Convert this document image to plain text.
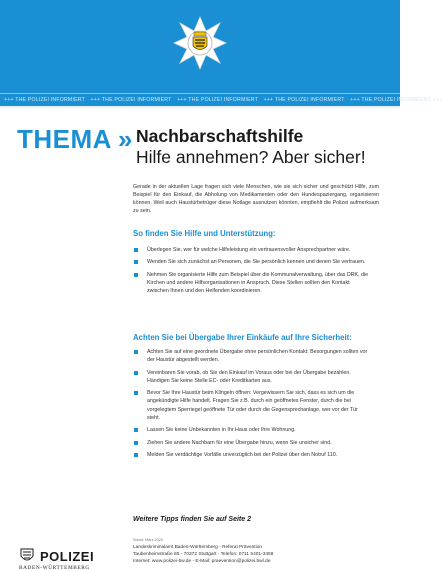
+++ THE POLIZEI INFORMIERT +++ THE POLIZEI INFORMIERT +++ THE POLIZEI INFORMIERT +++ THE POLIZEI INFORMIERT +++ THE POLIZEI INFORMIERT +++
THEMA » Nachbarschaftshilfe
Hilfe annehmen? Aber sicher!
Gerade in der aktuellen Lage fragen sich viele Menschen, wie sie sich sicher und geschützt Hilfe, zum Beispiel für den Einkauf, die Abholung von Medikamenten oder den Hundespaziergang, organisieren können. Weil auch Haustürbetrüger diese Notlage ausnutzen könnten, empfiehlt die Polizei aufmerksam zu sein.
So finden Sie Hilfe und Unterstützung:
Überlegen Sie, wer für welche Hilfeleistung ein vertrauensvoller Ansprechpartner wäre.
Wenden Sie sich zunächst an Personen, die Sie persönlich kennen und denen Sie vertrauen.
Nehmen Sie organisierte Hilfe zum Beispiel über die Kommunalverwaltung, über das DRK, die Kirchen und andere Hilfsorganisationen in Anspruch. Diese Stellen sollten den Kontakt zwischen Ihnen und den Helfenden koordinieren.
Achten Sie bei Übergabe Ihrer Einkäufe auf Ihre Sicherheit:
Achten Sie auf eine geordnete Übergabe ohne persönlichen Kontakt: Besorgungen sollten vor der Haustür abgestellt werden.
Vereinbaren Sie vorab, ob Sie den Einkauf im Voraus oder bei der Übergabe bezahlen. Händigen Sie keine Stelle EC- oder Kreditkarten aus.
Bevor Sie Ihre Haustür beim Klingeln öffnen: Vergewissern Sie sich, dass es sich um die angekündigte Hilfe handelt. Fragen Sie z.B. durch ein geöffnetes Fenster, durch die bei vorgelegtem Sperriegel geöffnete Tür oder durch die Gegensprechanlage, wer vor der Tür steht.
Lassen Sie keine Unbekannten in Ihr Haus oder Ihre Wohnung.
Ziehen Sie andere Nachbarn für eine Übergabe hinzu, wenn Sie unsicher sind.
Melden Sie verdächtige Vorfälle unverzüglich bei der Polizei über den Notruf 110.
Weitere Tipps finden Sie auf Seite 2
POLIZEI
BADEN-WÜRTTEMBERG
Stand: März 2020
Landeskriminalamt Baden-Württemberg - Referat Prävention
Taubenheimstraße 85 - 70372 Stuttgart - Telefon: 0711 5401-3458
Internet: www.polizei-bw.de - E-Mail: praevention@polizei.bwl.de
